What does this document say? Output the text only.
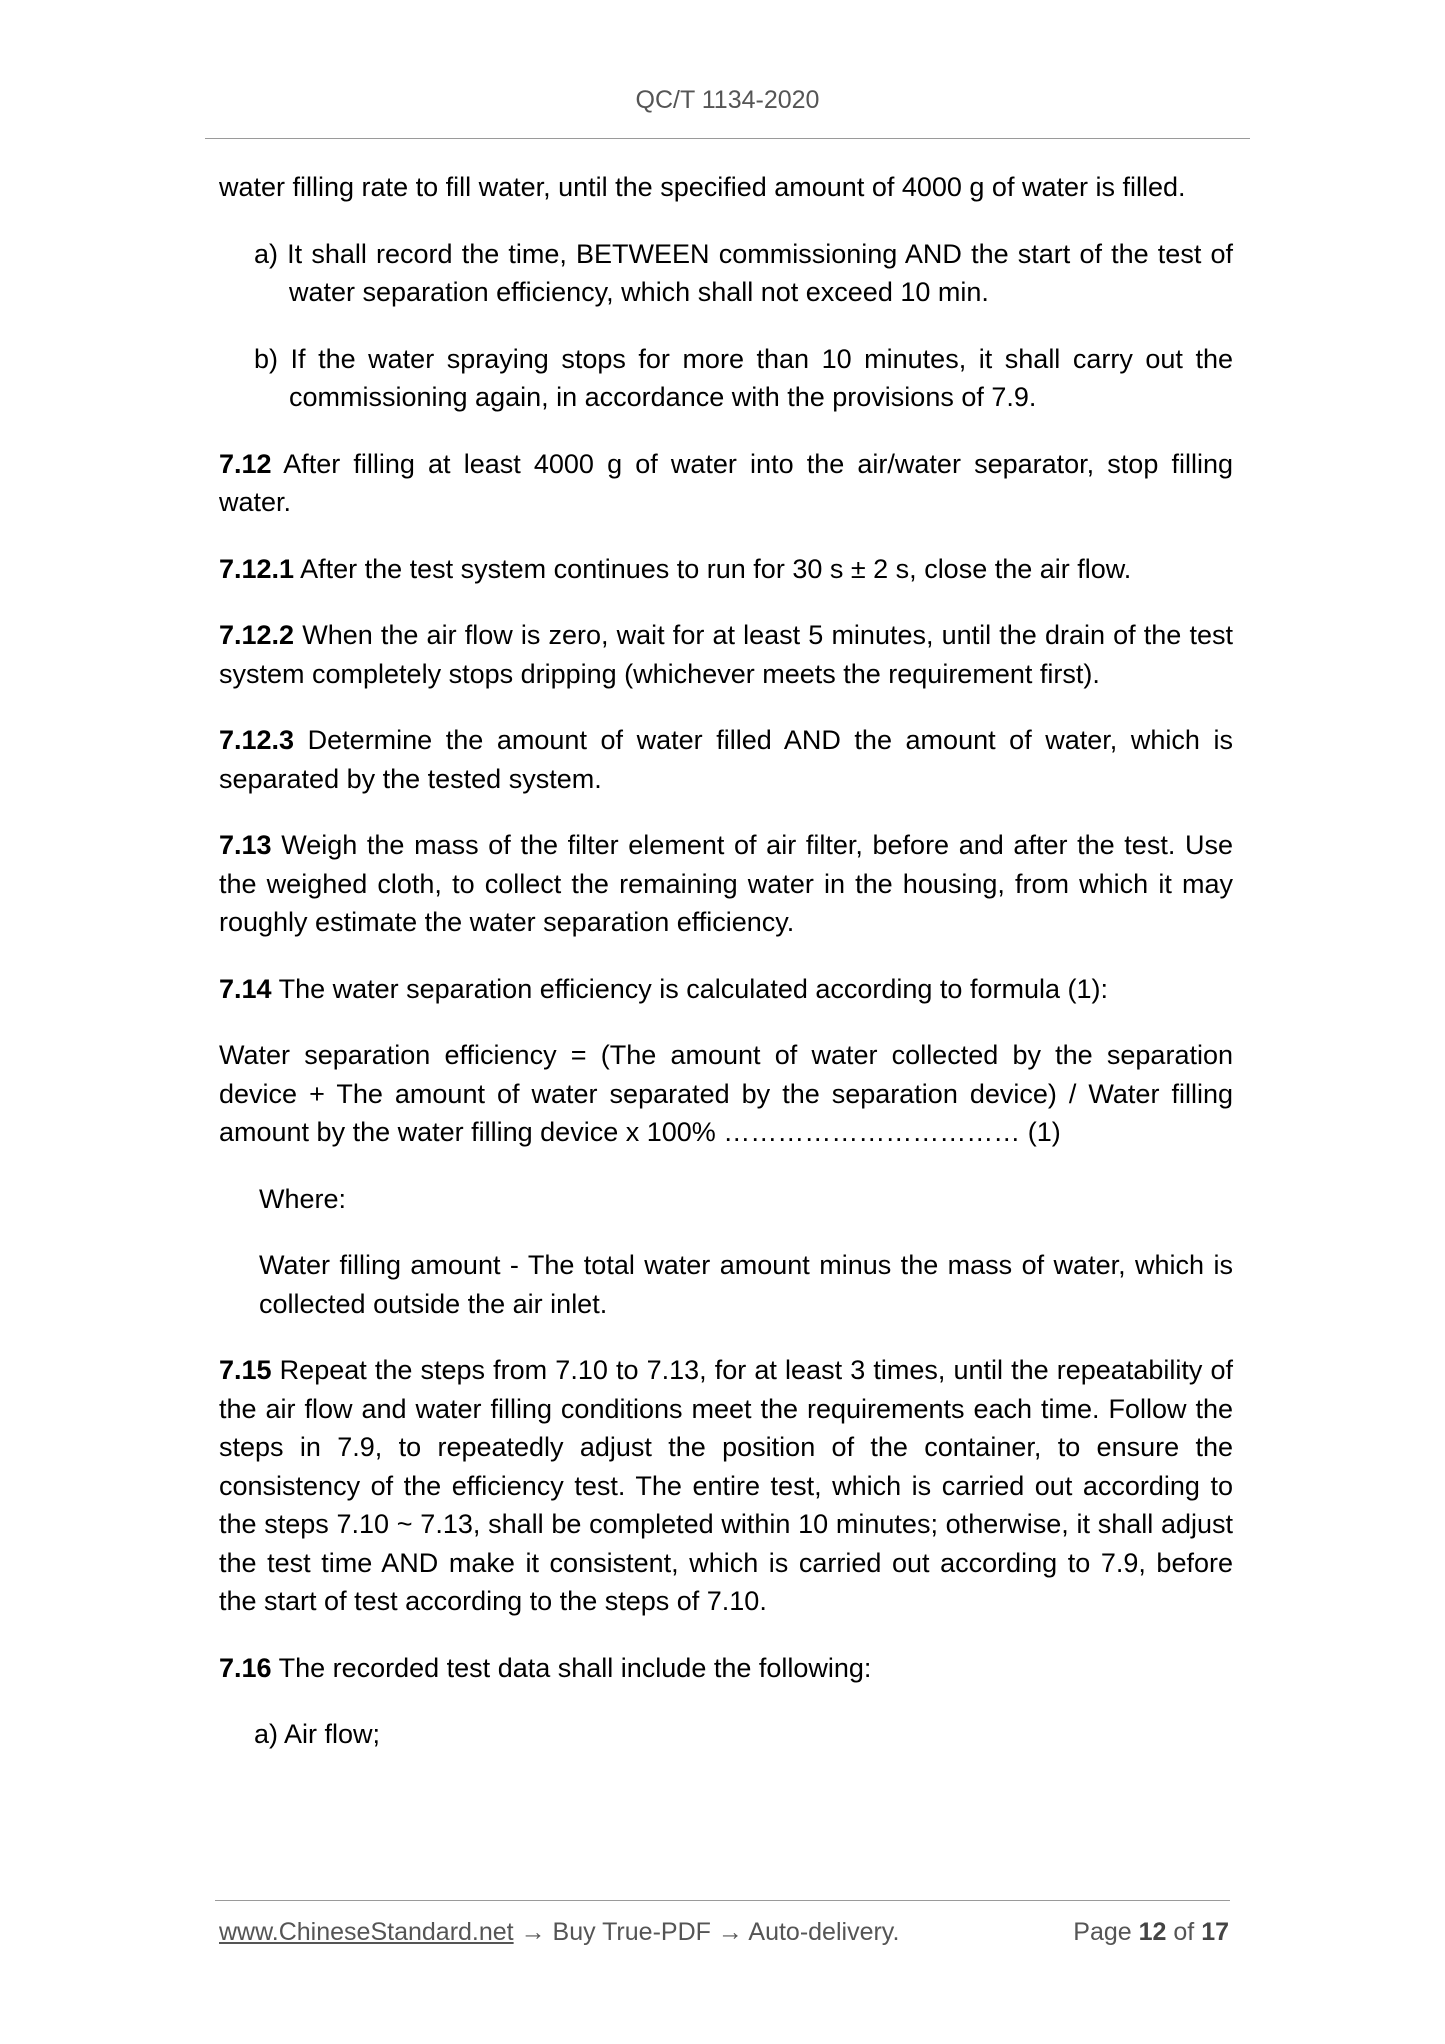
QC/T 1134-2020

water filling rate to fill water, until the specified amount of 4000 g of water is filled.

a) It shall record the time, BETWEEN commissioning AND the start of the test of water separation efficiency, which shall not exceed 10 min.

b) If the water spraying stops for more than 10 minutes, it shall carry out the commissioning again, in accordance with the provisions of 7.9.

7.12 After filling at least 4000 g of water into the air/water separator, stop filling water.

7.12.1 After the test system continues to run for 30 s ± 2 s, close the air flow.

7.12.2 When the air flow is zero, wait for at least 5 minutes, until the drain of the test system completely stops dripping (whichever meets the requirement first).

7.12.3 Determine the amount of water filled AND the amount of water, which is separated by the tested system.

7.13 Weigh the mass of the filter element of air filter, before and after the test. Use the weighed cloth, to collect the remaining water in the housing, from which it may roughly estimate the water separation efficiency.

7.14 The water separation efficiency is calculated according to formula (1):

Water separation efficiency = (The amount of water collected by the separation device + The amount of water separated by the separation device) / Water filling amount by the water filling device x 100% …………………………… (1)

Where:

Water filling amount - The total water amount minus the mass of water, which is collected outside the air inlet.

7.15 Repeat the steps from 7.10 to 7.13, for at least 3 times, until the repeatability of the air flow and water filling conditions meet the requirements each time. Follow the steps in 7.9, to repeatedly adjust the position of the container, to ensure the consistency of the efficiency test. The entire test, which is carried out according to the steps 7.10 ~ 7.13, shall be completed within 10 minutes; otherwise, it shall adjust the test time AND make it consistent, which is carried out according to 7.9, before the start of test according to the steps of 7.10.

7.16 The recorded test data shall include the following:

a) Air flow;

www.ChineseStandard.net → Buy True-PDF → Auto-delivery.	Page 12 of 17
